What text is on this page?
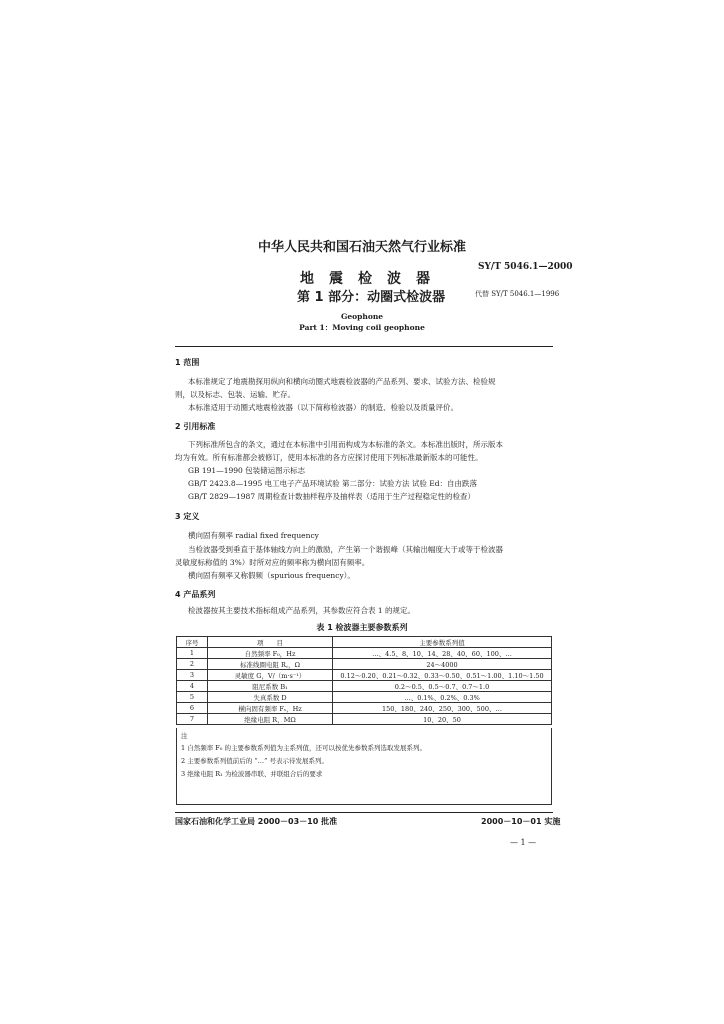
中华人民共和国石油天然气行业标准
SY/T 5046.1—2000
地震检波器
第 1 部分：动圈式检波器	代替 SY/T 5046.1—1996
Geophone
Part 1：Moving coil geophone
1 范围
本标准规定了地震勘探用纵向和横向动圈式地震检波器的产品系列、要求、试验方法、检验规
则，以及标志、包装、运输、贮存。
本标准适用于动圈式地震检波器（以下简称检波器）的制造、检验以及质量评价。
2 引用标准
下列标准所包含的条文，通过在本标准中引用而构成为本标准的条文。本标准出版时，所示版本
均为有效。所有标准都会被修订，使用本标准的各方应探讨使用下列标准最新版本的可能性。
GB 191—1990 包装储运图示标志
GB/T 2423.8—1995 电工电子产品环境试验 第二部分：试验方法 试验 Ed：自由跌落
GB/T 2829—1987 周期检查计数抽样程序及抽样表（适用于生产过程稳定性的检查）
3 定义
横向固有频率 radial fixed frequency
当检波器受到垂直于基体轴线方向上的激励，产生第一个谐振峰（其输出幅度大于或等于检波器
灵敏度标称值的 3%）时所对应的频率称为横向固有频率。
横向固有频率又称假频（spurious frequency）。
4 产品系列
检波器按其主要技术指标组成产品系列，其参数应符合表 1 的规定。
表 1 检波器主要参数系列
序号	项　　目	主要参数系列值
1	自然频率 F₀，Hz	…、4.5、8、10、14、28、40、60、100、…
2	标准线圈电阻 R꜀，Ω	24～4000
3	灵敏度 G，V/（m·s⁻¹）	0.12～0.20、0.21～0.32、0.33～0.50、0.51～1.00、1.10～1.50
4	阻尼系数 B₁	0.2～0.5、0.5～0.7、0.7～1.0
5	失真系数 D	…、0.1%、0.2%、0.3%
6	横向固有频率 Fₛ，Hz	150、180、240、250、300、500、…
7	绝缘电阻 R，MΩ	10、20、50
注
1 自然频率 F₀ 的主要参数系列值为主系列值，还可以按优先参数系列选取发展系列。
2 主要参数系列值前后的 “…” 号表示待发展系列。
3 绝缘电阻 R₁ 为检波器串联、并联组合后的要求
国家石油和化学工业局 2000－03－10 批准	2000－10－01 实施
— 1 —
